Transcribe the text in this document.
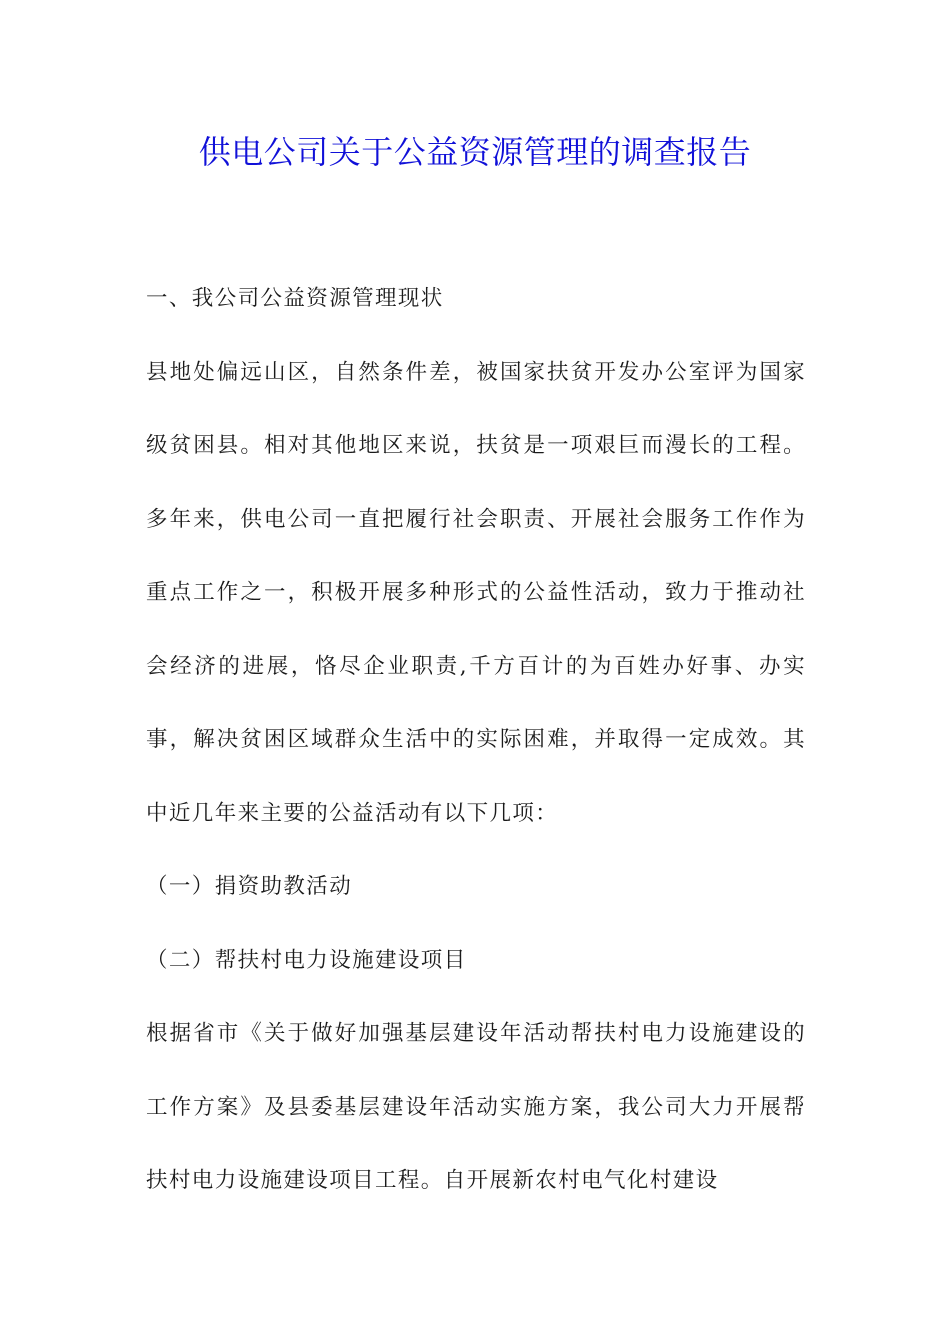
供电公司关于公益资源管理的调查报告

一、我公司公益资源管理现状

县地处偏远山区，自然条件差，被国家扶贫开发办公室评为国家级贫困县。相对其他地区来说，扶贫是一项艰巨而漫长的工程。多年来，供电公司一直把履行社会职责、开展社会服务工作作为重点工作之一，积极开展多种形式的公益性活动，致力于推动社会经济的进展，恪尽企业职责,千方百计的为百姓办好事、办实事，解决贫困区域群众生活中的实际困难，并取得一定成效。其中近几年来主要的公益活动有以下几项：

（一）捐资助教活动

（二）帮扶村电力设施建设项目

根据省市《关于做好加强基层建设年活动帮扶村电力设施建设的工作方案》及县委基层建设年活动实施方案，我公司大力开展帮扶村电力设施建设项目工程。自开展新农村电气化村建设
